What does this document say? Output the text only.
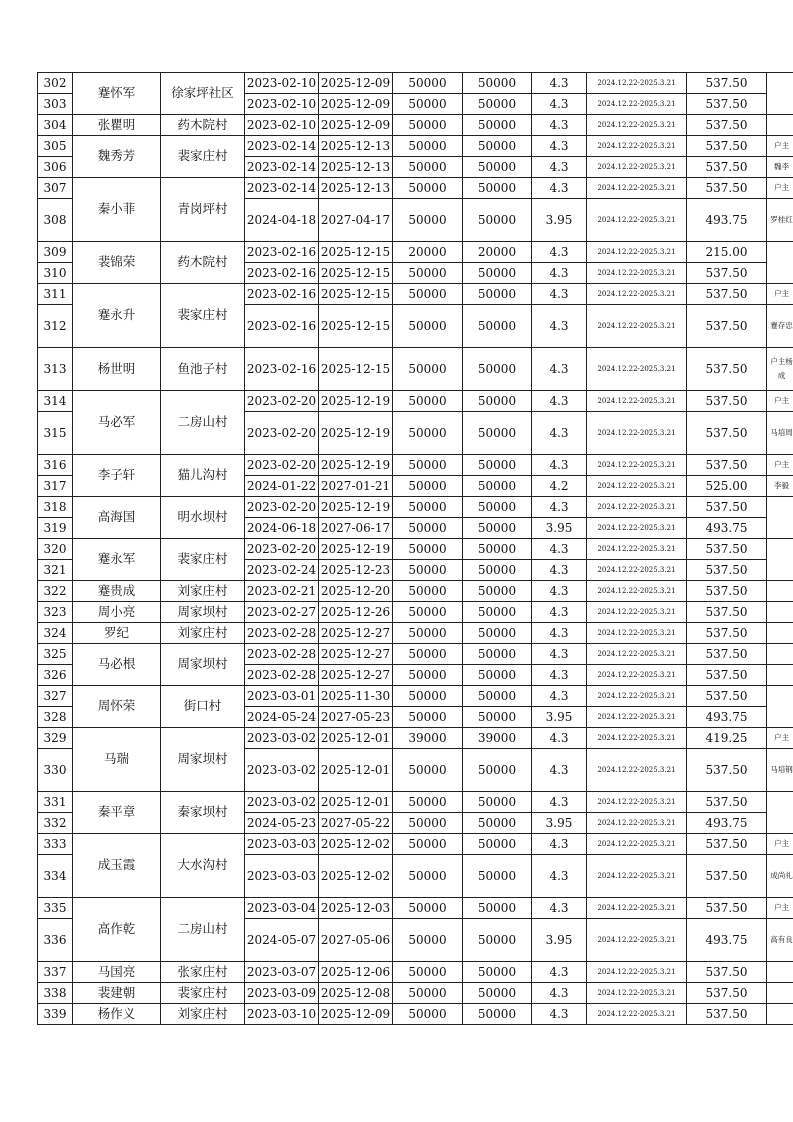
302	蹇怀军	徐家坪社区	2023-02-10	2025-12-09	50000	50000	4.3	2024.12.22-2025.3.21	537.50	
303			2023-02-10	2025-12-09	50000	50000	4.3	2024.12.22-2025.3.21	537.50	
304	张瞿明	药木院村	2023-02-10	2025-12-09	50000	50000	4.3	2024.12.22-2025.3.21	537.50	
305	魏秀芳	裴家庄村	2023-02-14	2025-12-13	50000	50000	4.3	2024.12.22-2025.3.21	537.50	户主

306			2023-02-14	2025-12-13	50000	50000	4.3	2024.12.22-2025.3.21	537.50	魏李

307	秦小菲	青岗坪村	2023-02-14	2025-12-13	50000	50000	4.3	2024.12.22-2025.3.21	537.50	户主

308			2024-04-18	2027-04-17	50000	50000	3.95	2024.12.22-2025.3.21	493.75	罗桂红

309	裴锦荣	药木院村	2023-02-16	2025-12-15	20000	20000	4.3	2024.12.22-2025.3.21	215.00	
310			2023-02-16	2025-12-15	50000	50000	4.3	2024.12.22-2025.3.21	537.50	
311	蹇永升	裴家庄村	2023-02-16	2025-12-15	50000	50000	4.3	2024.12.22-2025.3.21	537.50	户主

312			2023-02-16	2025-12-15	50000	50000	4.3	2024.12.22-2025.3.21	537.50	蹇存忠

313	杨世明	鱼池子村	2023-02-16	2025-12-15	50000	50000	4.3	2024.12.22-2025.3.21	537.50	户主杨成

314	马必军	二房山村	2023-02-20	2025-12-19	50000	50000	4.3	2024.12.22-2025.3.21	537.50	户主

315			2023-02-20	2025-12-19	50000	50000	4.3	2024.12.22-2025.3.21	537.50	马培周

316	李子轩	猫儿沟村	2023-02-20	2025-12-19	50000	50000	4.3	2024.12.22-2025.3.21	537.50	户主

317			2024-01-22	2027-01-21	50000	50000	4.2	2024.12.22-2025.3.21	525.00	李毅

318	高海国	明水坝村	2023-02-20	2025-12-19	50000	50000	4.3	2024.12.22-2025.3.21	537.50	
319			2024-06-18	2027-06-17	50000	50000	3.95	2024.12.22-2025.3.21	493.75	
320	蹇永军	裴家庄村	2023-02-20	2025-12-19	50000	50000	4.3	2024.12.22-2025.3.21	537.50	
321			2023-02-24	2025-12-23	50000	50000	4.3	2024.12.22-2025.3.21	537.50	
322	蹇贵成	刘家庄村	2023-02-21	2025-12-20	50000	50000	4.3	2024.12.22-2025.3.21	537.50	
323	周小亮	周家坝村	2023-02-27	2025-12-26	50000	50000	4.3	2024.12.22-2025.3.21	537.50	
324	罗纪	刘家庄村	2023-02-28	2025-12-27	50000	50000	4.3	2024.12.22-2025.3.21	537.50	
325	马必根	周家坝村	2023-02-28	2025-12-27	50000	50000	4.3	2024.12.22-2025.3.21	537.50	
326			2023-02-28	2025-12-27	50000	50000	4.3	2024.12.22-2025.3.21	537.50	
327	周怀荣	街口村	2023-03-01	2025-11-30	50000	50000	4.3	2024.12.22-2025.3.21	537.50	
328			2024-05-24	2027-05-23	50000	50000	3.95	2024.12.22-2025.3.21	493.75	
329	马瑞	周家坝村	2023-03-02	2025-12-01	39000	39000	4.3	2024.12.22-2025.3.21	419.25	户主

330			2023-03-02	2025-12-01	50000	50000	4.3	2024.12.22-2025.3.21	537.50	马培钢

331	秦平章	秦家坝村	2023-03-02	2025-12-01	50000	50000	4.3	2024.12.22-2025.3.21	537.50	
332			2024-05-23	2027-05-22	50000	50000	3.95	2024.12.22-2025.3.21	493.75	
333	成玉霞	大水沟村	2023-03-03	2025-12-02	50000	50000	4.3	2024.12.22-2025.3.21	537.50	户主

334			2023-03-03	2025-12-02	50000	50000	4.3	2024.12.22-2025.3.21	537.50	成尚礼

335	高作乾	二房山村	2023-03-04	2025-12-03	50000	50000	4.3	2024.12.22-2025.3.21	537.50	户主

336			2024-05-07	2027-05-06	50000	50000	3.95	2024.12.22-2025.3.21	493.75	高有良

337	马国亮	张家庄村	2023-03-07	2025-12-06	50000	50000	4.3	2024.12.22-2025.3.21	537.50	
338	裴建朝	裴家庄村	2023-03-09	2025-12-08	50000	50000	4.3	2024.12.22-2025.3.21	537.50	
339	杨作义	刘家庄村	2023-03-10	2025-12-09	50000	50000	4.3	2024.12.22-2025.3.21	537.50	
